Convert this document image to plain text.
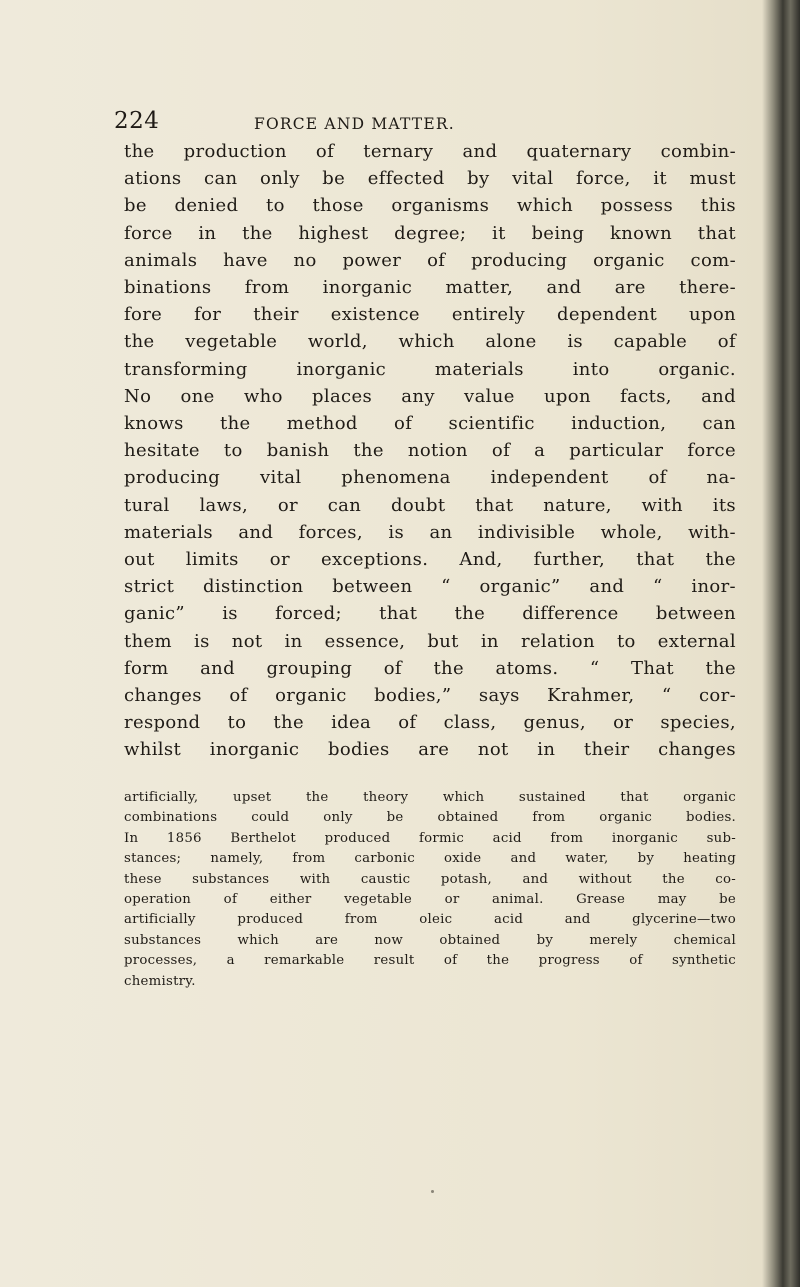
224	FORCE AND MATTER.
the production of ternary and quaternary combin-
ations can only be effected by vital force, it must
be denied to those organisms which possess this
force in the highest degree; it being known that
animals have no power of producing organic com-
binations from inorganic matter, and are there-
fore for their existence entirely dependent upon
the vegetable world, which alone is capable of
transforming inorganic materials into organic.
No one who places any value upon facts, and
knows the method of scientific induction, can
hesitate to banish the notion of a particular force
producing vital phenomena independent of na-
tural laws, or can doubt that nature, with its
materials and forces, is an indivisible whole, with-
out limits or exceptions. And, further, that the
strict distinction between “ organic” and “ inor-
ganic” is forced; that the difference between
them is not in essence, but in relation to external
form and grouping of the atoms. “ That the
changes of organic bodies,” says Krahmer, “ cor-
respond to the idea of class, genus, or species,
whilst inorganic bodies are not in their changes
artificially, upset the theory which sustained that organic
combinations could only be obtained from organic bodies.
In 1856 Berthelot produced formic acid from inorganic sub-
stances; namely, from carbonic oxide and water, by heating
these substances with caustic potash, and without the co-
operation of either vegetable or animal. Grease may be
artificially produced from oleic acid and glycerine—two
substances which are now obtained by merely chemical
processes, a remarkable result of the progress of synthetic
chemistry.
